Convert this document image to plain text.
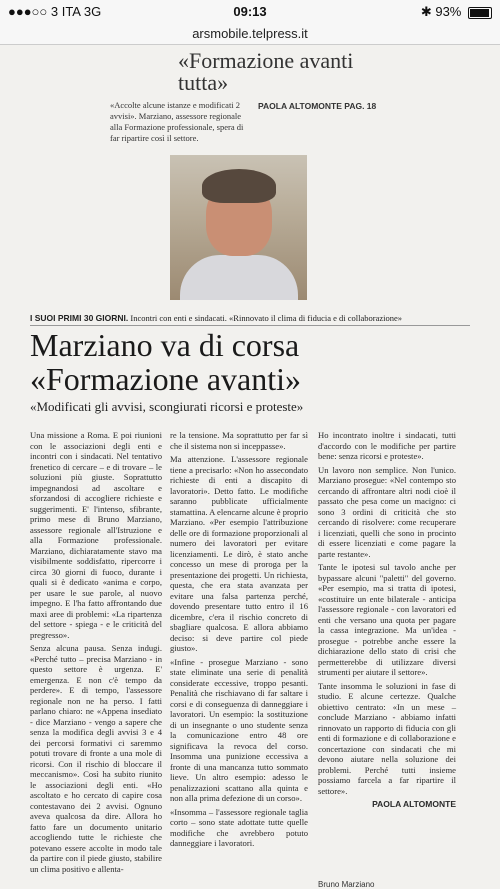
●●●○○ 3 ITA 3G	09:13	✱ 93%
arsmobile.telpress.it
«Formazione avanti tutta»
«Accolte alcune istanze e modificati 2 avvisi». Marziano, assessore regionale alla Formazione professionale, spera di far ripartire così il settore.
PAOLA ALTOMONTE PAG. 18
I SUOI PRIMI 30 GIORNI. Incontri con enti e sindacati. «Rinnovato il clima di fiducia e di collaborazione»
Marziano va di corsa
«Formazione avanti»
«Modificati gli avvisi, scongiurati ricorsi e proteste»

Una missione a Roma. E poi riunioni con le associazioni degli enti e incontri con i sindacati. Nel tentativo frenetico di cercare – e di trovare – le soluzioni più giuste. Soprattutto impegnandosi ad ascoltare e sforzandosi di accogliere richieste e suggerimenti. E' l'intenso, sfibrante, primo mese di Bruno Marziano, assessore regionale all'Istruzione e alla Formazione professionale. Marziano, dichiaratamente stavo ma visibilmente soddisfatto, ripercorre i circa 30 giorni di fuoco, durante i quali si è dedicato «anima e corpo, per usare le sue parole, al nuovo impegno. E l'ha fatto affrontando due maxi aree di problemi: «La ripartenza del settore - spiega - e le criticità del pregresso».

Senza alcuna pausa. Senza indugi. «Perché tutto – precisa Marziano - in questo settore è urgenza. E' emergenza. E non c'è tempo da perdere». E di tempo, l'assessore regionale non ne ha perso. I fatti parlano chiaro: ne «Appena insediato - dice Marziano - vengo a sapere che senza la modifica degli avvisi 3 e 4 dei percorsi formativi ci saremmo potuti trovare di fronte a una mole di ricorsi. Con il rischio di bloccare il meccanismo». Così ha subito riunito le associazioni degli enti. «Ho ascoltato e ho cercato di capire cosa contestavano dei 2 avvisi. Ognuno aveva qualcosa da dire. Allora ho fatto fare un documento unitario accogliendo tutte le richieste che potevano essere accolte in modo tale da partire con il piede giusto, stabilire un clima positivo e allenta-

re la tensione. Ma soprattutto per far sì che il sistema non si inceppasse».

Ma attenzione. L'assessore regionale tiene a precisarlo: «Non ho assecondato richieste di enti a discapito di lavoratori». Detto fatto. Le modifiche saranno pubblicate ufficialmente stamattina. A elencarne alcune è proprio Marziano. «Per esempio l'attribuzione delle ore di formazione proporzionali al numero dei lavoratori per evitare licenziamenti. Le dirò, è stato anche concesso un mese di proroga per la presentazione dei progetti. Un richiesta, questa, che era stata avanzata per evitare una falsa partenza perché, dovendo presentare tutto entro il 16 dicembre, c'era il rischio concreto di sbagliare qualcosa. E allora abbiamo deciso: si deve partire col piede giusto».

«Infine - prosegue Marziano - sono state eliminate una serie di penalità considerate eccessive, troppo pesanti. Penalità che rischiavano di far saltare i corsi e di conseguenza di danneggiare i lavoratori. Un esempio: la sostituzione di un insegnante o uno studente senza la comunicazione entro 48 ore significava la revoca del corso. Insomma una punizione eccessiva a fronte di una mancanza tutto sommato lieve. Un altro esempio: adesso le penalizzazioni scattano alla quinta e non alla prima defezione di un corso».

«Insomma – l'assessore regionale taglia corto – sono state adottate tutte quelle modifiche che avrebbero potuto danneggiare i lavoratori.

Ho incontrato inoltre i sindacati, tutti d'accordo con le modifiche per partire bene: senza ricorsi e proteste».

Un lavoro non semplice. Non l'unico. Marziano prosegue: «Nel contempo sto cercando di affrontare altri nodi cioè il passato che pesa come un macigno: ci sono 3 ordini di criticità che sto cercando di risolvere: come recuperare i licenziati, quelli che sono in procinto di essere licenziati e come pagare la parte restante».

Tante le ipotesi sul tavolo anche per bypassare alcuni "paletti" del governo. «Per esempio, ma si tratta di ipotesi, «costituire un ente bilaterale - anticipa l'assessore regionale - con lavoratori ed enti che versano una quota per pagare la cassa integrazione. Ma un'idea - prosegue - potrebbe anche essere la dichiarazione dello stato di crisi che permetterebbe di utilizzare diversi strumenti per aiutare il settore».

Tante insomma le soluzioni in fase di studio. E alcune certezze. Qualche obiettivo centrato: «In un mese – conclude Marziano - abbiamo infatti rinnovato un rapporto di fiducia con gli enti di formazione e di collaborazione e concertazione con sindacati che mi devono aiutare nella soluzione dei problemi. Perché tutti insieme possiamo farcela a far ripartire il settore».

PAOLA ALTOMONTE
Bruno Marziano
